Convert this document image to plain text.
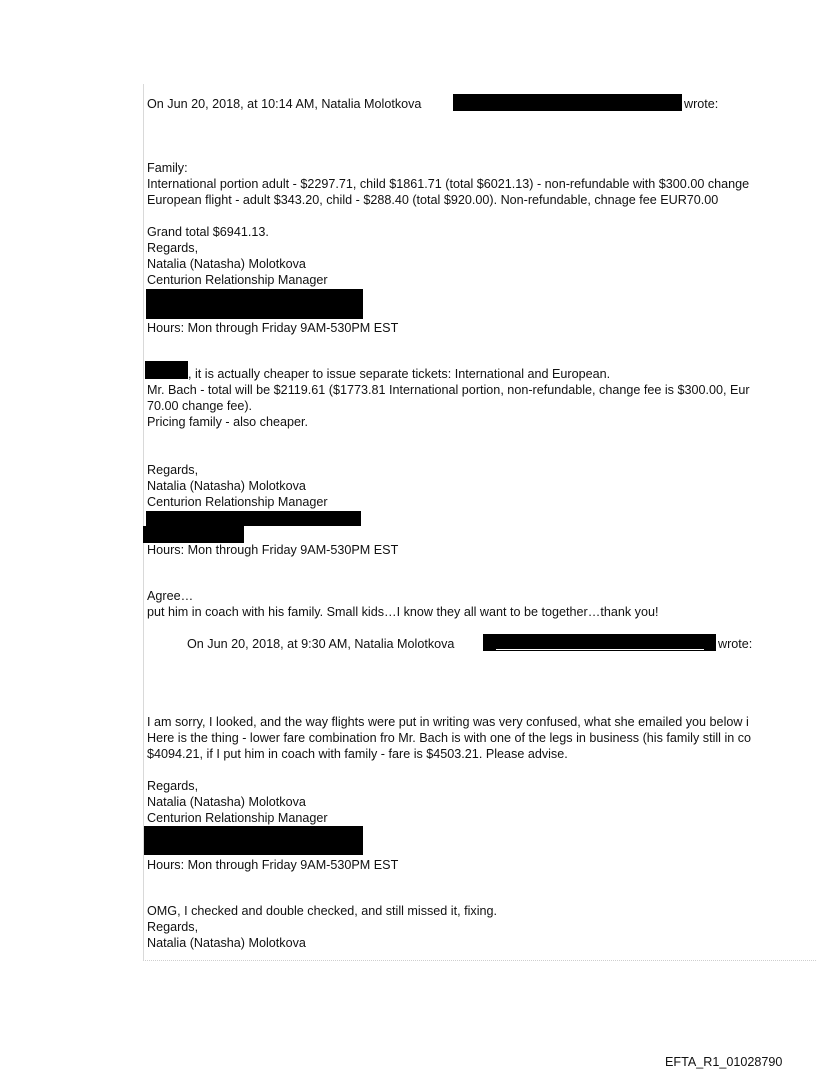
On Jun 20, 2018, at 10:14 AM, Natalia Molotkova	wrote:
Family:
International portion adult - $2297.71, child $1861.71 (total $6021.13) - non-refundable with $300.00 change
European flight - adult $343.20, child - $288.40 (total $920.00). Non-refundable, chnage fee EUR70.00
Grand total $6941.13.
Regards,
Natalia (Natasha) Molotkova
Centurion Relationship Manager
Hours: Mon through Friday 9AM-530PM EST
, it is actually cheaper to issue separate tickets: International and European.
Mr. Bach - total will be $2119.61 ($1773.81 International portion, non-refundable, change fee is $300.00, Eur
70.00 change fee).
Pricing family - also cheaper.
Regards,
Natalia (Natasha) Molotkova
Centurion Relationship Manager
Hours: Mon through Friday 9AM-530PM EST
Agree…
put him in coach with his family. Small kids…I know they all want to be together…thank you!
On Jun 20, 2018, at 9:30 AM, Natalia Molotkova	wrote:
I am sorry, I looked, and the way flights were put in writing was very confused, what she emailed you below i
Here is the thing - lower fare combination fro Mr. Bach is with one of the legs in business (his family still in co
$4094.21, if I put him in coach with family - fare is $4503.21. Please advise.
Regards,
Natalia (Natasha) Molotkova
Centurion Relationship Manager
Hours: Mon through Friday 9AM-530PM EST
OMG, I checked and double checked, and still missed it, fixing.
Regards,
Natalia (Natasha) Molotkova
EFTA_R1_01028790
